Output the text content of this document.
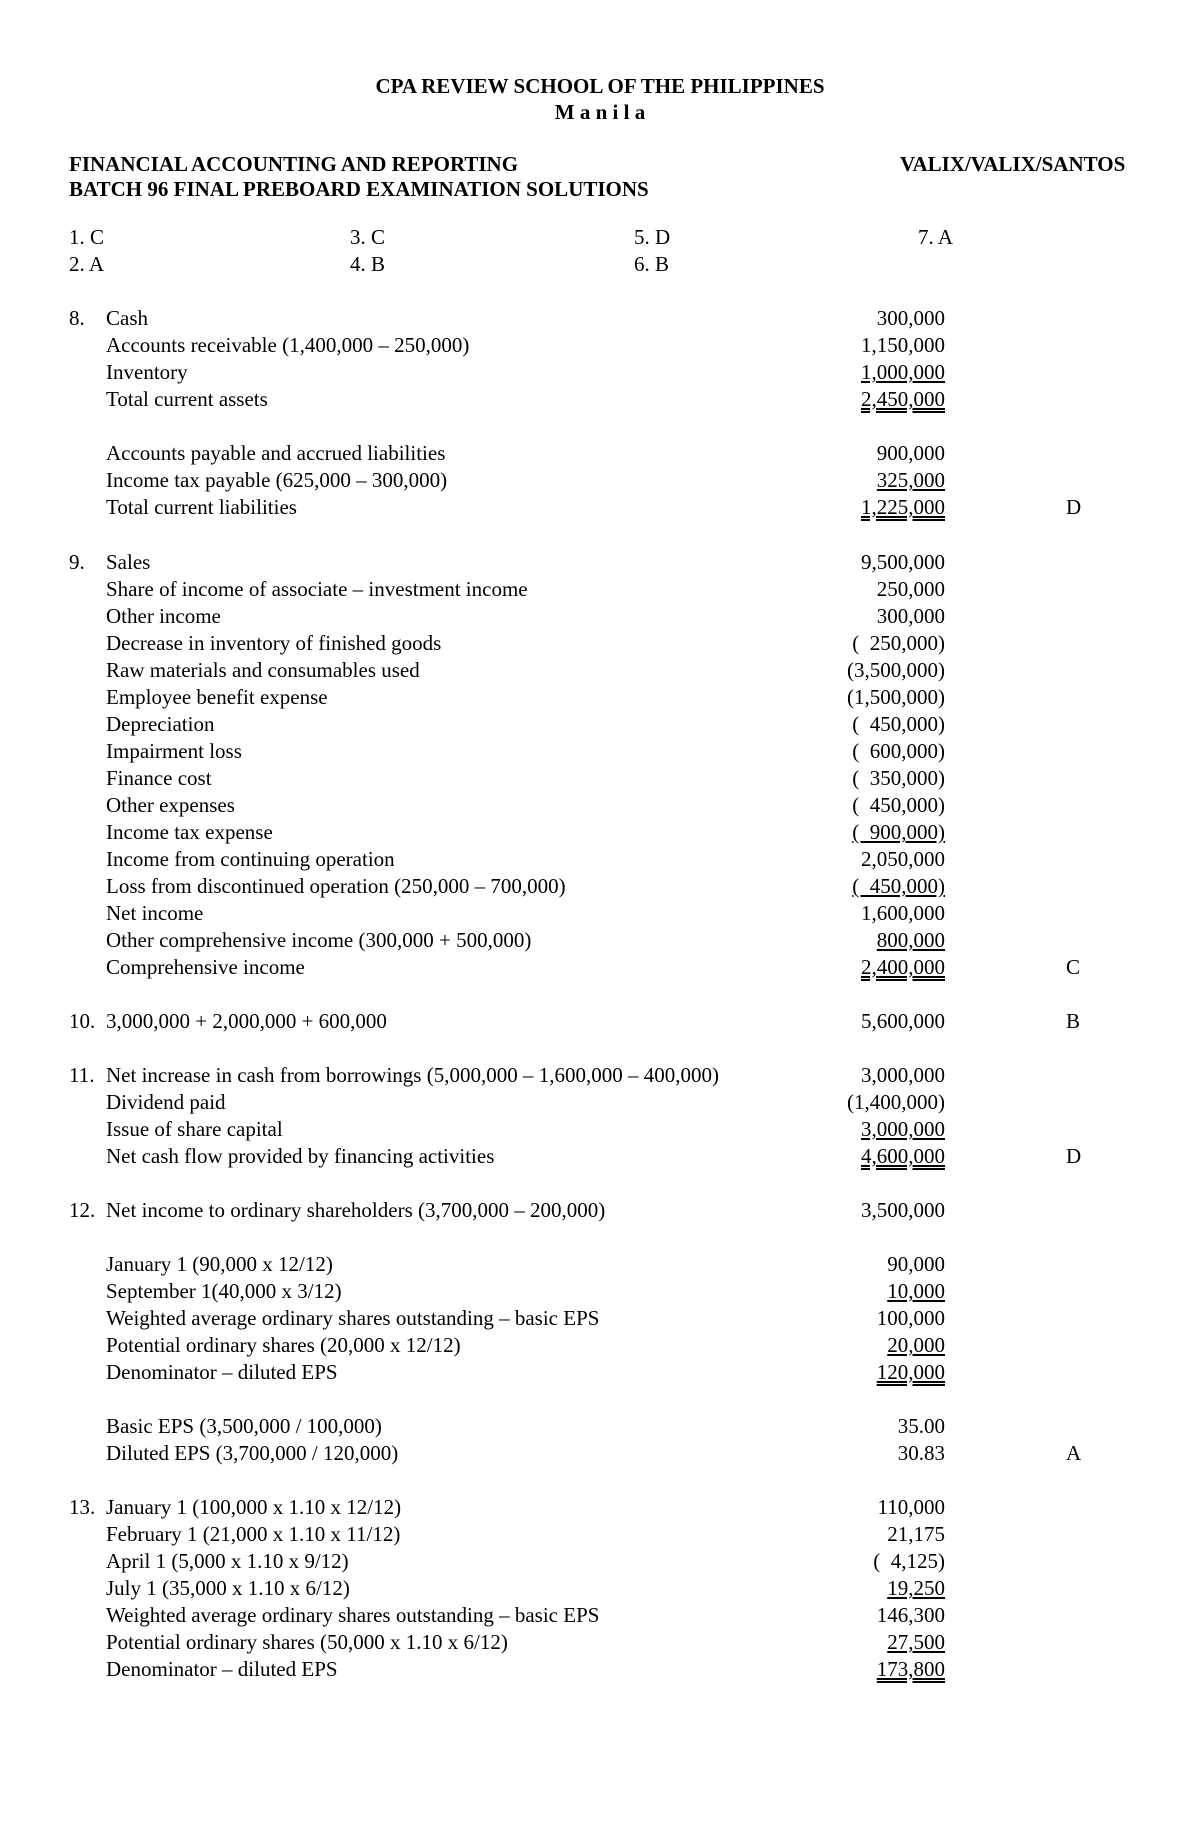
CPA REVIEW SCHOOL OF THE PHILIPPINES
M a n i l a
FINANCIAL ACCOUNTING AND REPORTING
BATCH 96 FINAL PREBOARD EXAMINATION SOLUTIONS
VALIX/VALIX/SANTOS
1. C
2. A
3. C
4. B
5. D
6. B
7. A
8. Cash	300,000
Accounts receivable (1,400,000 – 250,000)	1,150,000
Inventory	1,000,000
Total current assets	2,450,000
Accounts payable and accrued liabilities	900,000
Income tax payable (625,000 – 300,000)	325,000
Total current liabilities	1,225,000	D
9. Sales	9,500,000
Share of income of associate – investment income	250,000
Other income	300,000
Decrease in inventory of finished goods	(  250,000)
Raw materials and consumables used	(3,500,000)
Employee benefit expense	(1,500,000)
Depreciation	(  450,000)
Impairment loss	(  600,000)
Finance cost	(  350,000)
Other expenses	(  450,000)
Income tax expense	(  900,000)
Income from continuing operation	2,050,000
Loss from discontinued operation (250,000 – 700,000)	(  450,000)
Net income	1,600,000
Other comprehensive income (300,000 + 500,000)	800,000
Comprehensive income	2,400,000	C
10. 3,000,000 + 2,000,000 + 600,000	5,600,000	B
11. Net increase in cash from borrowings (5,000,000 – 1,600,000 – 400,000)	3,000,000
Dividend paid	(1,400,000)
Issue of share capital	3,000,000
Net cash flow provided by financing activities	4,600,000	D
12. Net income to ordinary shareholders (3,700,000 – 200,000)	3,500,000
January 1 (90,000 x 12/12)	90,000
September 1(40,000 x 3/12)	10,000
Weighted average ordinary shares outstanding – basic EPS	100,000
Potential ordinary shares (20,000 x 12/12)	20,000
Denominator – diluted EPS	120,000
Basic EPS (3,500,000 / 100,000)	35.00
Diluted EPS (3,700,000 / 120,000)	30.83	A
13. January 1 (100,000 x 1.10 x 12/12)	110,000
February 1 (21,000 x 1.10 x 11/12)	21,175
April 1 (5,000 x 1.10 x 9/12)	(  4,125)
July 1 (35,000 x 1.10 x 6/12)	19,250
Weighted average ordinary shares outstanding – basic EPS	146,300
Potential ordinary shares (50,000 x 1.10 x 6/12)	27,500
Denominator – diluted EPS	173,800
